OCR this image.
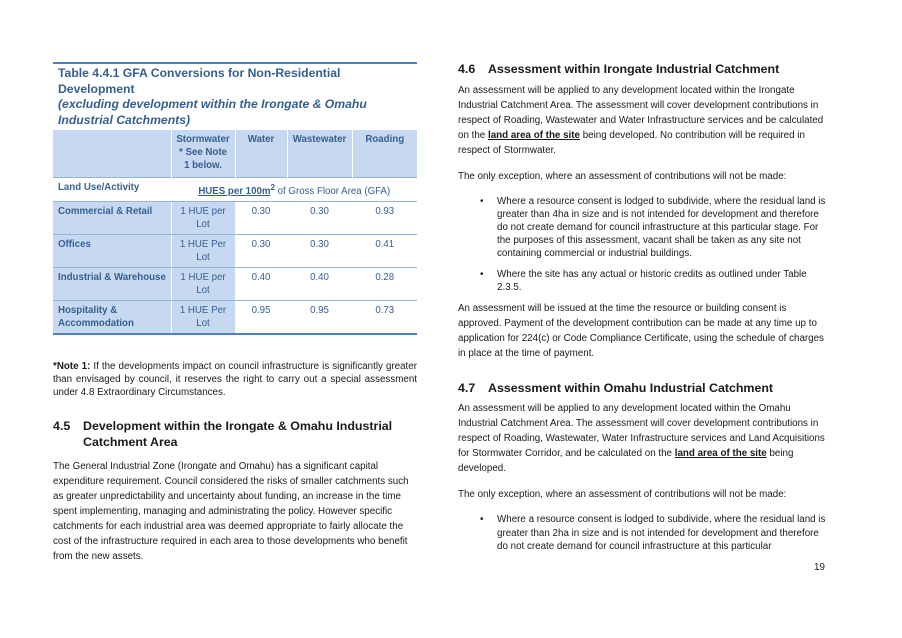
Table 4.4.1 GFA Conversions for Non-Residential Development
(excluding development within the Irongate & Omahu Industrial Catchments)

	Stormwater
* See Note
1 below.	Water	Wastewater	Roading
Land Use/Activity	HUES per $100m^2$ of Gross Floor Area (GFA)			
Commercial & Retail	1 HUE per Lot	0.30	0.30	0.93
Offices	1 HUE Per Lot	0.30	0.30	0.41
Industrial & Warehouse	1 HUE per Lot	0.40	0.40	0.28
Hospitality & Accommodation	1 HUE Per Lot	0.95	0.95	0.73

*Note 1: If the developments impact on council infrastructure is significantly greater than envisaged by council, it reserves the right to carry out a special assessment under 4.8 Extraordinary Circumstances.

4.5	Development within the Irongate & Omahu Industrial Catchment Area

The General Industrial Zone (Irongate and Omahu) has a significant capital expenditure requirement. Council considered the risks of smaller catchments such as greater unpredictability and uncertainty about funding, an increase in the time spent implementing, managing and administrating the policy. However specific catchments for each industrial area was deemed appropriate to fairly allocate the cost of the infrastructure required in each area to those developments who benefit from the new assets.

4.6	Assessment within Irongate Industrial Catchment

An assessment will be applied to any development located within the Irongate Industrial Catchment Area. The assessment will cover development contributions in respect of Roading, Wastewater and Water Infrastructure services and be calculated on the land area of the site being developed. No contribution will be required in respect of Stormwater.

The only exception, where an assessment of contributions will not be made:

• Where a resource consent is lodged to subdivide, where the residual land is greater than 4ha in size and is not intended for development and therefore do not create demand for council infrastructure at this particular stage. For the purposes of this assessment, vacant shall be taken as any site not containing commercial or industrial buildings.
• Where the site has any actual or historic credits as outlined under Table 2.3.5.

An assessment will be issued at the time the resource or building consent is approved. Payment of the development contribution can be made at any time up to application for 224(c) or Code Compliance Certificate, using the schedule of charges in place at the time of payment.

4.7	Assessment within Omahu Industrial Catchment

An assessment will be applied to any development located within the Omahu Industrial Catchment Area. The assessment will cover development contributions in respect of Roading, Wastewater, Water Infrastructure services and Land Acquisitions for Stormwater Corridor, and be calculated on the land area of the site being developed.

The only exception, where an assessment of contributions will not be made:

• Where a resource consent is lodged to subdivide, where the residual land is greater than 2ha in size and is not intended for development and therefore do not create demand for council infrastructure at this particular
19
